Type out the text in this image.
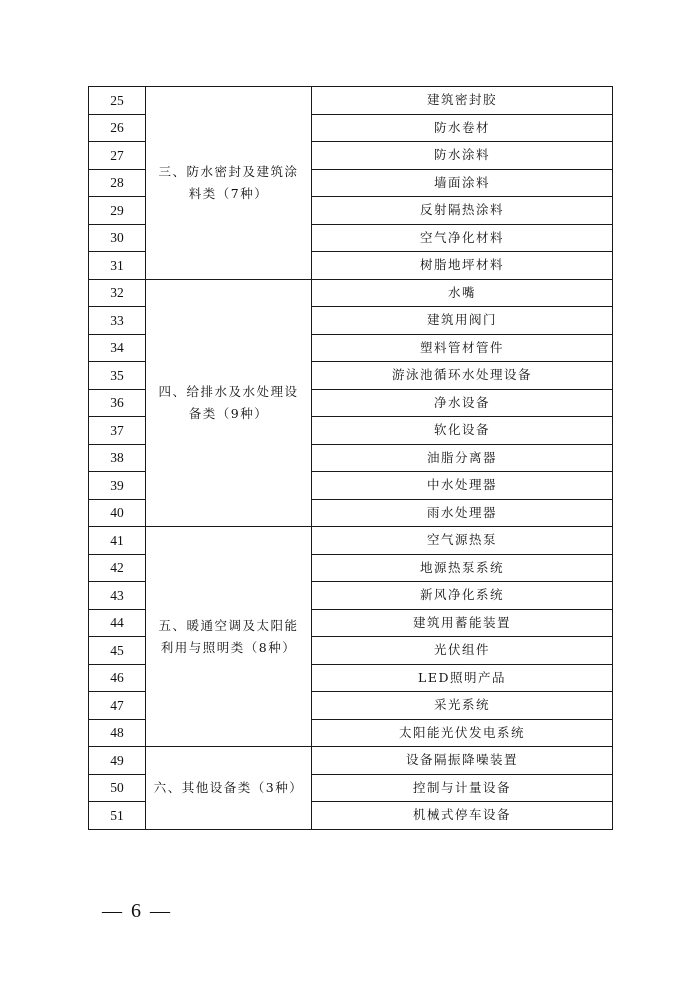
25	三、防水密封及建筑涂料类（7种）	建筑密封胶
26		防水卷材
27		防水涂料
28		墙面涂料
29		反射隔热涂料
30		空气净化材料
31		树脂地坪材料
32	四、给排水及水处理设备类（9种）	水嘴
33		建筑用阀门
34		塑料管材管件
35		游泳池循环水处理设备
36		净水设备
37		软化设备
38		油脂分离器
39		中水处理器
40		雨水处理器
41	五、暖通空调及太阳能利用与照明类（8种）	空气源热泵
42		地源热泵系统
43		新风净化系统
44		建筑用蓄能装置
45		光伏组件
46		LED照明产品
47		采光系统
48		太阳能光伏发电系统
49	六、其他设备类（3种）	设备隔振降噪装置
50		控制与计量设备
51		机械式停车设备
— 6 —
